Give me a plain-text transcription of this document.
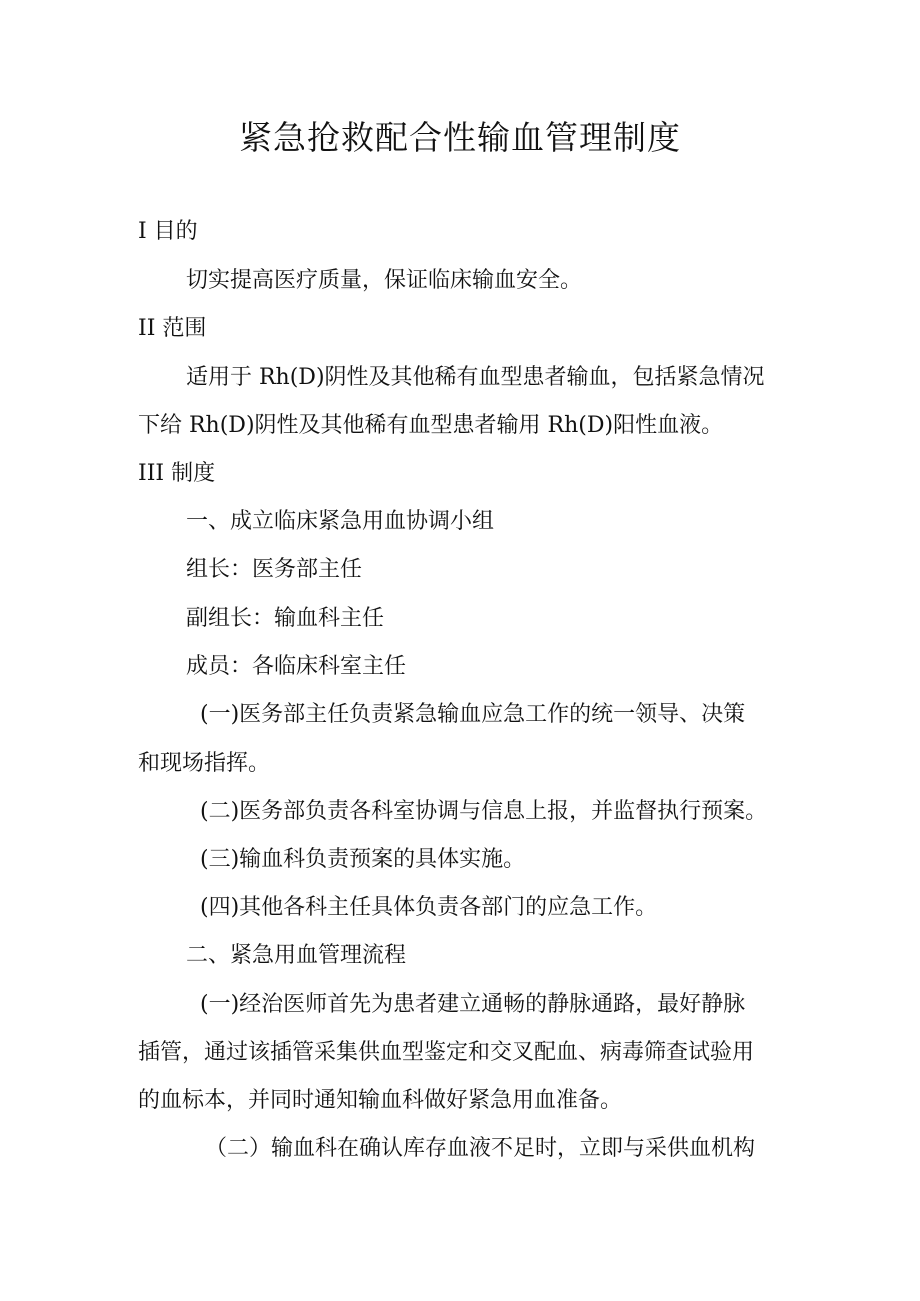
紧急抢救配合性输血管理制度
I 目的
切实提高医疗质量，保证临床输血安全。
II 范围
适用于 Rh(D)阴性及其他稀有血型患者输血，包括紧急情况
下给 Rh(D)阴性及其他稀有血型患者输用 Rh(D)阳性血液。
III 制度
一、成立临床紧急用血协调小组
组长：医务部主任
副组长：输血科主任
成员：各临床科室主任
(一)医务部主任负责紧急输血应急工作的统一领导、决策
和现场指挥。
(二)医务部负责各科室协调与信息上报，并监督执行预案。
(三)输血科负责预案的具体实施。
(四)其他各科主任具体负责各部门的应急工作。
二、紧急用血管理流程
(一)经治医师首先为患者建立通畅的静脉通路，最好静脉
插管，通过该插管采集供血型鉴定和交叉配血、病毒筛查试验用
的血标本，并同时通知输血科做好紧急用血准备。
（二）输血科在确认库存血液不足时，立即与采供血机构
